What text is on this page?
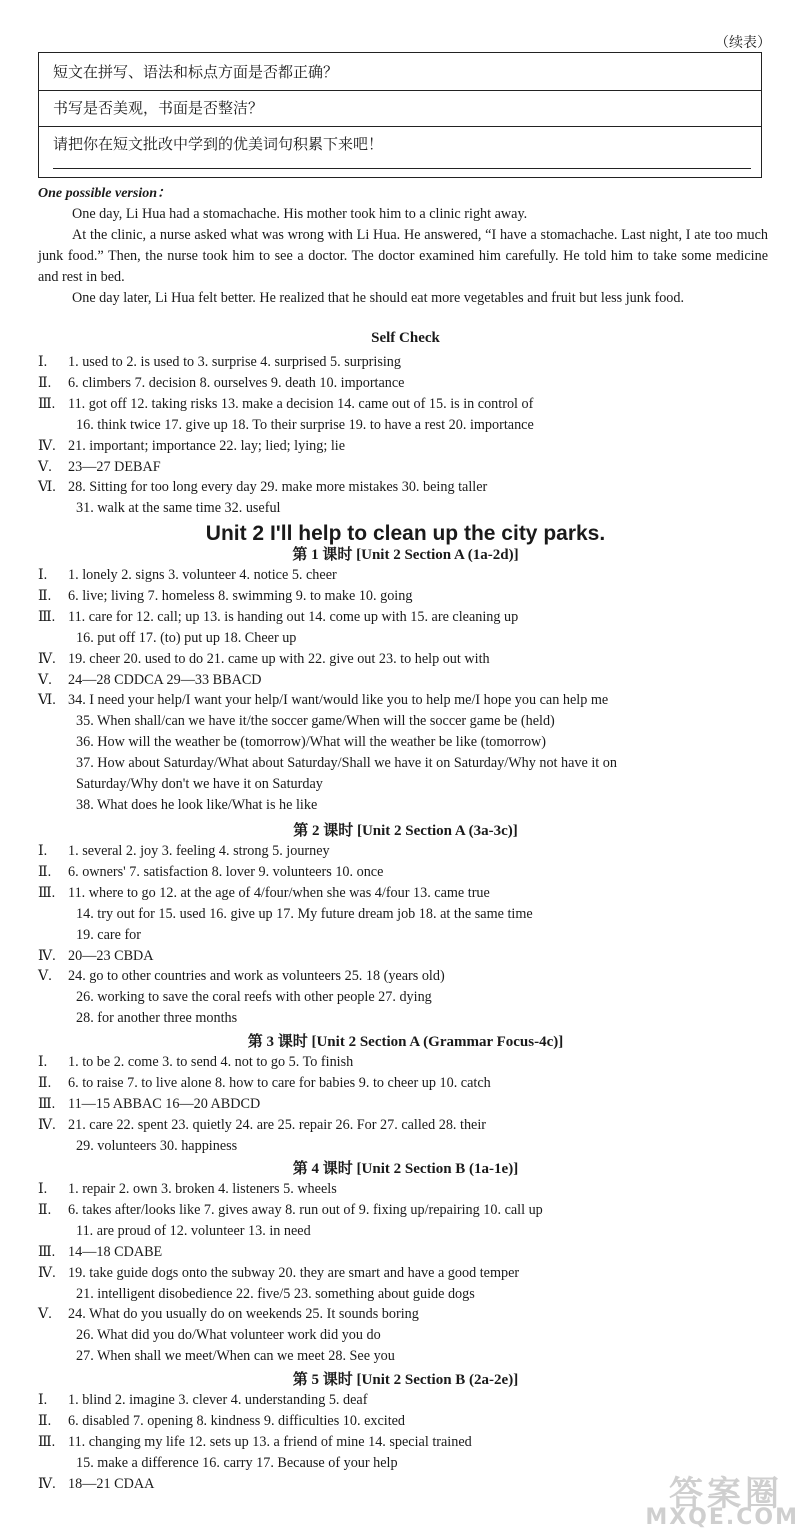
（续表）
短文在拼写、语法和标点方面是否都正确？
书写是否美观，书面是否整洁？
请把你在短文批改中学到的优美词句积累下来吧！
One possible version：

One day, Li Hua had a stomachache. His mother took him to a clinic right away.

At the clinic, a nurse asked what was wrong with Li Hua. He answered, “I have a stomachache. Last night, I ate too much junk food.” Then, the nurse took him to see a doctor. The doctor examined him carefully. He told him to take some medicine and rest in bed.

One day later, Li Hua felt better. He realized that he should eat more vegetables and fruit but less junk food.

Self Check
Ⅰ. 1. used to 2. is used to 3. surprise 4. surprised 5. surprising
Ⅱ. 6. climbers 7. decision 8. ourselves 9. death 10. importance
Ⅲ. 11. got off 12. taking risks 13. make a decision 14. came out of 15. is in control of
16. think twice 17. give up 18. To their surprise 19. to have a rest 20. importance
Ⅳ. 21. important; importance 22. lay; lied; lying; lie
Ⅴ. 23—27 DEBAF
Ⅵ. 28. Sitting for too long every day 29. make more mistakes 30. being taller
31. walk at the same time 32. useful
Unit 2 I'll help to clean up the city parks.
第 1 课时 [Unit 2 Section A (1a-2d)]
Ⅰ. 1. lonely 2. signs 3. volunteer 4. notice 5. cheer
Ⅱ. 6. live; living 7. homeless 8. swimming 9. to make 10. going
Ⅲ. 11. care for 12. call; up 13. is handing out 14. come up with 15. are cleaning up
16. put off 17. (to) put up 18. Cheer up
Ⅳ. 19. cheer 20. used to do 21. came up with 22. give out 23. to help out with
Ⅴ. 24—28 CDDCA 29—33 BBACD
Ⅵ. 34. I need your help/I want your help/I want/would like you to help me/I hope you can help me
35. When shall/can we have it/the soccer game/When will the soccer game be (held)
36. How will the weather be (tomorrow)/What will the weather be like (tomorrow)
37. How about Saturday/What about Saturday/Shall we have it on Saturday/Why not have it on
Saturday/Why don't we have it on Saturday
38. What does he look like/What is he like
第 2 课时 [Unit 2 Section A (3a-3c)]
Ⅰ. 1. several 2. joy 3. feeling 4. strong 5. journey
Ⅱ. 6. owners' 7. satisfaction 8. lover 9. volunteers 10. once
Ⅲ. 11. where to go 12. at the age of 4/four/when she was 4/four 13. came true
14. try out for 15. used 16. give up 17. My future dream job 18. at the same time
19. care for
Ⅳ. 20—23 CBDA
Ⅴ. 24. go to other countries and work as volunteers 25. 18 (years old)
26. working to save the coral reefs with other people 27. dying
28. for another three months
第 3 课时 [Unit 2 Section A (Grammar Focus-4c)]
Ⅰ. 1. to be 2. come 3. to send 4. not to go 5. To finish
Ⅱ. 6. to raise 7. to live alone 8. how to care for babies 9. to cheer up 10. catch
Ⅲ. 11—15 ABBAC 16—20 ABDCD
Ⅳ. 21. care 22. spent 23. quietly 24. are 25. repair 26. For 27. called 28. their
29. volunteers 30. happiness
第 4 课时 [Unit 2 Section B (1a-1e)]
Ⅰ. 1. repair 2. own 3. broken 4. listeners 5. wheels
Ⅱ. 6. takes after/looks like 7. gives away 8. run out of 9. fixing up/repairing 10. call up
11. are proud of 12. volunteer 13. in need
Ⅲ. 14—18 CDABE
Ⅳ. 19. take guide dogs onto the subway 20. they are smart and have a good temper
21. intelligent disobedience 22. five/5 23. something about guide dogs
Ⅴ. 24. What do you usually do on weekends 25. It sounds boring
26. What did you do/What volunteer work did you do
27. When shall we meet/When can we meet 28. See you
第 5 课时 [Unit 2 Section B (2a-2e)]
Ⅰ. 1. blind 2. imagine 3. clever 4. understanding 5. deaf
Ⅱ. 6. disabled 7. opening 8. kindness 9. difficulties 10. excited
Ⅲ. 11. changing my life 12. sets up 13. a friend of mine 14. special trained
15. make a difference 16. carry 17. Because of your help
Ⅳ. 18—21 CDAA	答案圈
MXQE.COM
